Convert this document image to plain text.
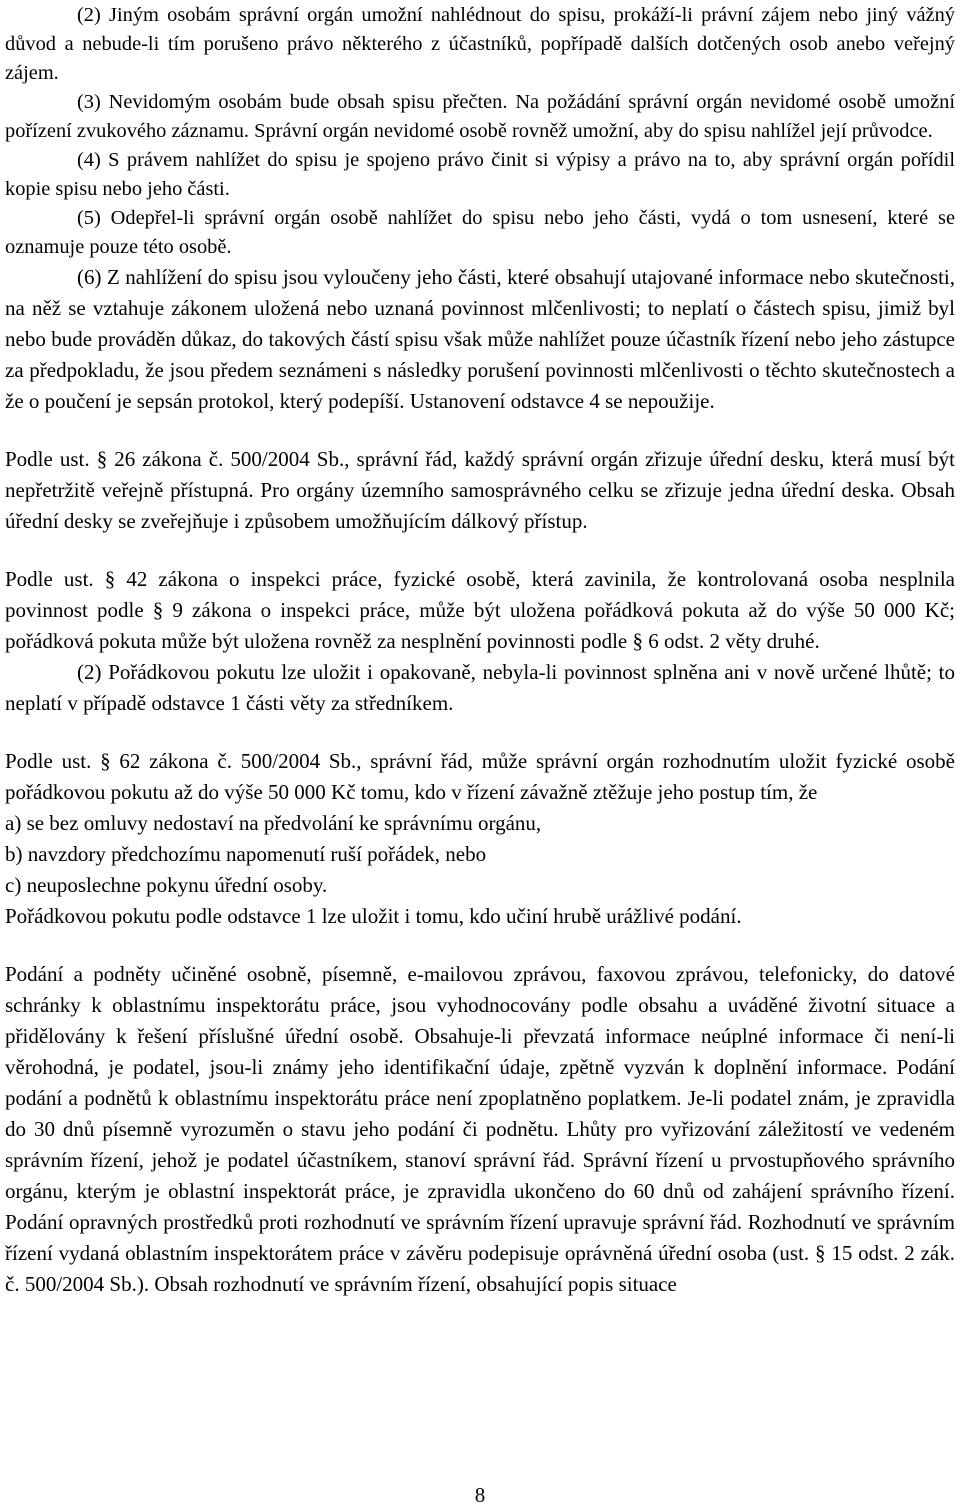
(2) Jiným osobám správní orgán umožní nahlédnout do spisu, prokáží-li právní zájem nebo jiný vážný důvod a nebude-li tím porušeno právo některého z účastníků, popřípadě dalších dotčených osob anebo veřejný zájem.

(3) Nevidomým osobám bude obsah spisu přečten. Na požádání správní orgán nevidomé osobě umožní pořízení zvukového záznamu. Správní orgán nevidomé osobě rovněž umožní, aby do spisu nahlížel její průvodce.

(4) S právem nahlížet do spisu je spojeno právo činit si výpisy a právo na to, aby správní orgán pořídil kopie spisu nebo jeho části.

(5) Odepřel-li správní orgán osobě nahlížet do spisu nebo jeho části, vydá o tom usnesení, které se oznamuje pouze této osobě.

(6) Z nahlížení do spisu jsou vyloučeny jeho části, které obsahují utajované informace nebo skutečnosti, na něž se vztahuje zákonem uložená nebo uznaná povinnost mlčenlivosti; to neplatí o částech spisu, jimiž byl nebo bude prováděn důkaz, do takových částí spisu však může nahlížet pouze účastník řízení nebo jeho zástupce za předpokladu, že jsou předem seznámeni s následky porušení povinnosti mlčenlivosti o těchto skutečnostech a že o poučení je sepsán protokol, který podepíší. Ustanovení odstavce 4 se nepoužije.

Podle ust. § 26 zákona č. 500/2004 Sb., správní řád, každý správní orgán zřizuje úřední desku, která musí být nepřetržitě veřejně přístupná. Pro orgány územního samosprávného celku se zřizuje jedna úřední deska. Obsah úřední desky se zveřejňuje i způsobem umožňujícím dálkový přístup.

Podle ust. § 42 zákona o inspekci práce, fyzické osobě, která zavinila, že kontrolovaná osoba nesplnila povinnost podle § 9 zákona o inspekci práce, může být uložena pořádková pokuta až do výše 50 000 Kč; pořádková pokuta může být uložena rovněž za nesplnění povinnosti podle § 6 odst. 2 věty druhé.

(2) Pořádkovou pokutu lze uložit i opakovaně, nebyla-li povinnost splněna ani v nově určené lhůtě; to neplatí v případě odstavce 1 části věty za středníkem.

Podle ust. § 62 zákona č. 500/2004 Sb., správní řád, může správní orgán rozhodnutím uložit fyzické osobě pořádkovou pokutu až do výše 50 000 Kč tomu, kdo v řízení závažně ztěžuje jeho postup tím, že

a) se bez omluvy nedostaví na předvolání ke správnímu orgánu,

b) navzdory předchozímu napomenutí ruší pořádek, nebo

c) neuposlechne pokynu úřední osoby.

Pořádkovou pokutu podle odstavce 1 lze uložit i tomu, kdo učiní hrubě urážlivé podání.

Podání a podněty učiněné osobně, písemně, e-mailovou zprávou, faxovou zprávou, telefonicky, do datové schránky k oblastnímu inspektorátu práce, jsou vyhodnocovány podle obsahu a uváděné životní situace a přidělovány k řešení příslušné úřední osobě. Obsahuje-li převzatá informace neúplné informace či není-li věrohodná, je podatel, jsou-li známy jeho identifikační údaje, zpětně vyzván k doplnění informace. Podání podání a podnětů k oblastnímu inspektorátu práce není zpoplatněno poplatkem. Je-li podatel znám, je zpravidla do 30 dnů písemně vyrozuměn o stavu jeho podání či podnětu. Lhůty pro vyřizování záležitostí ve vedeném správním řízení, jehož je podatel účastníkem, stanoví správní řád. Správní řízení u prvostupňového správního orgánu, kterým je oblastní inspektorát práce, je zpravidla ukončeno do 60 dnů od zahájení správního řízení. Podání opravných prostředků proti rozhodnutí ve správním řízení upravuje správní řád. Rozhodnutí ve správním řízení vydaná oblastním inspektorátem práce v závěru podepisuje oprávněná úřední osoba (ust. § 15 odst. 2 zák. č. 500/2004 Sb.). Obsah rozhodnutí ve správním řízení, obsahující popis situace

8
